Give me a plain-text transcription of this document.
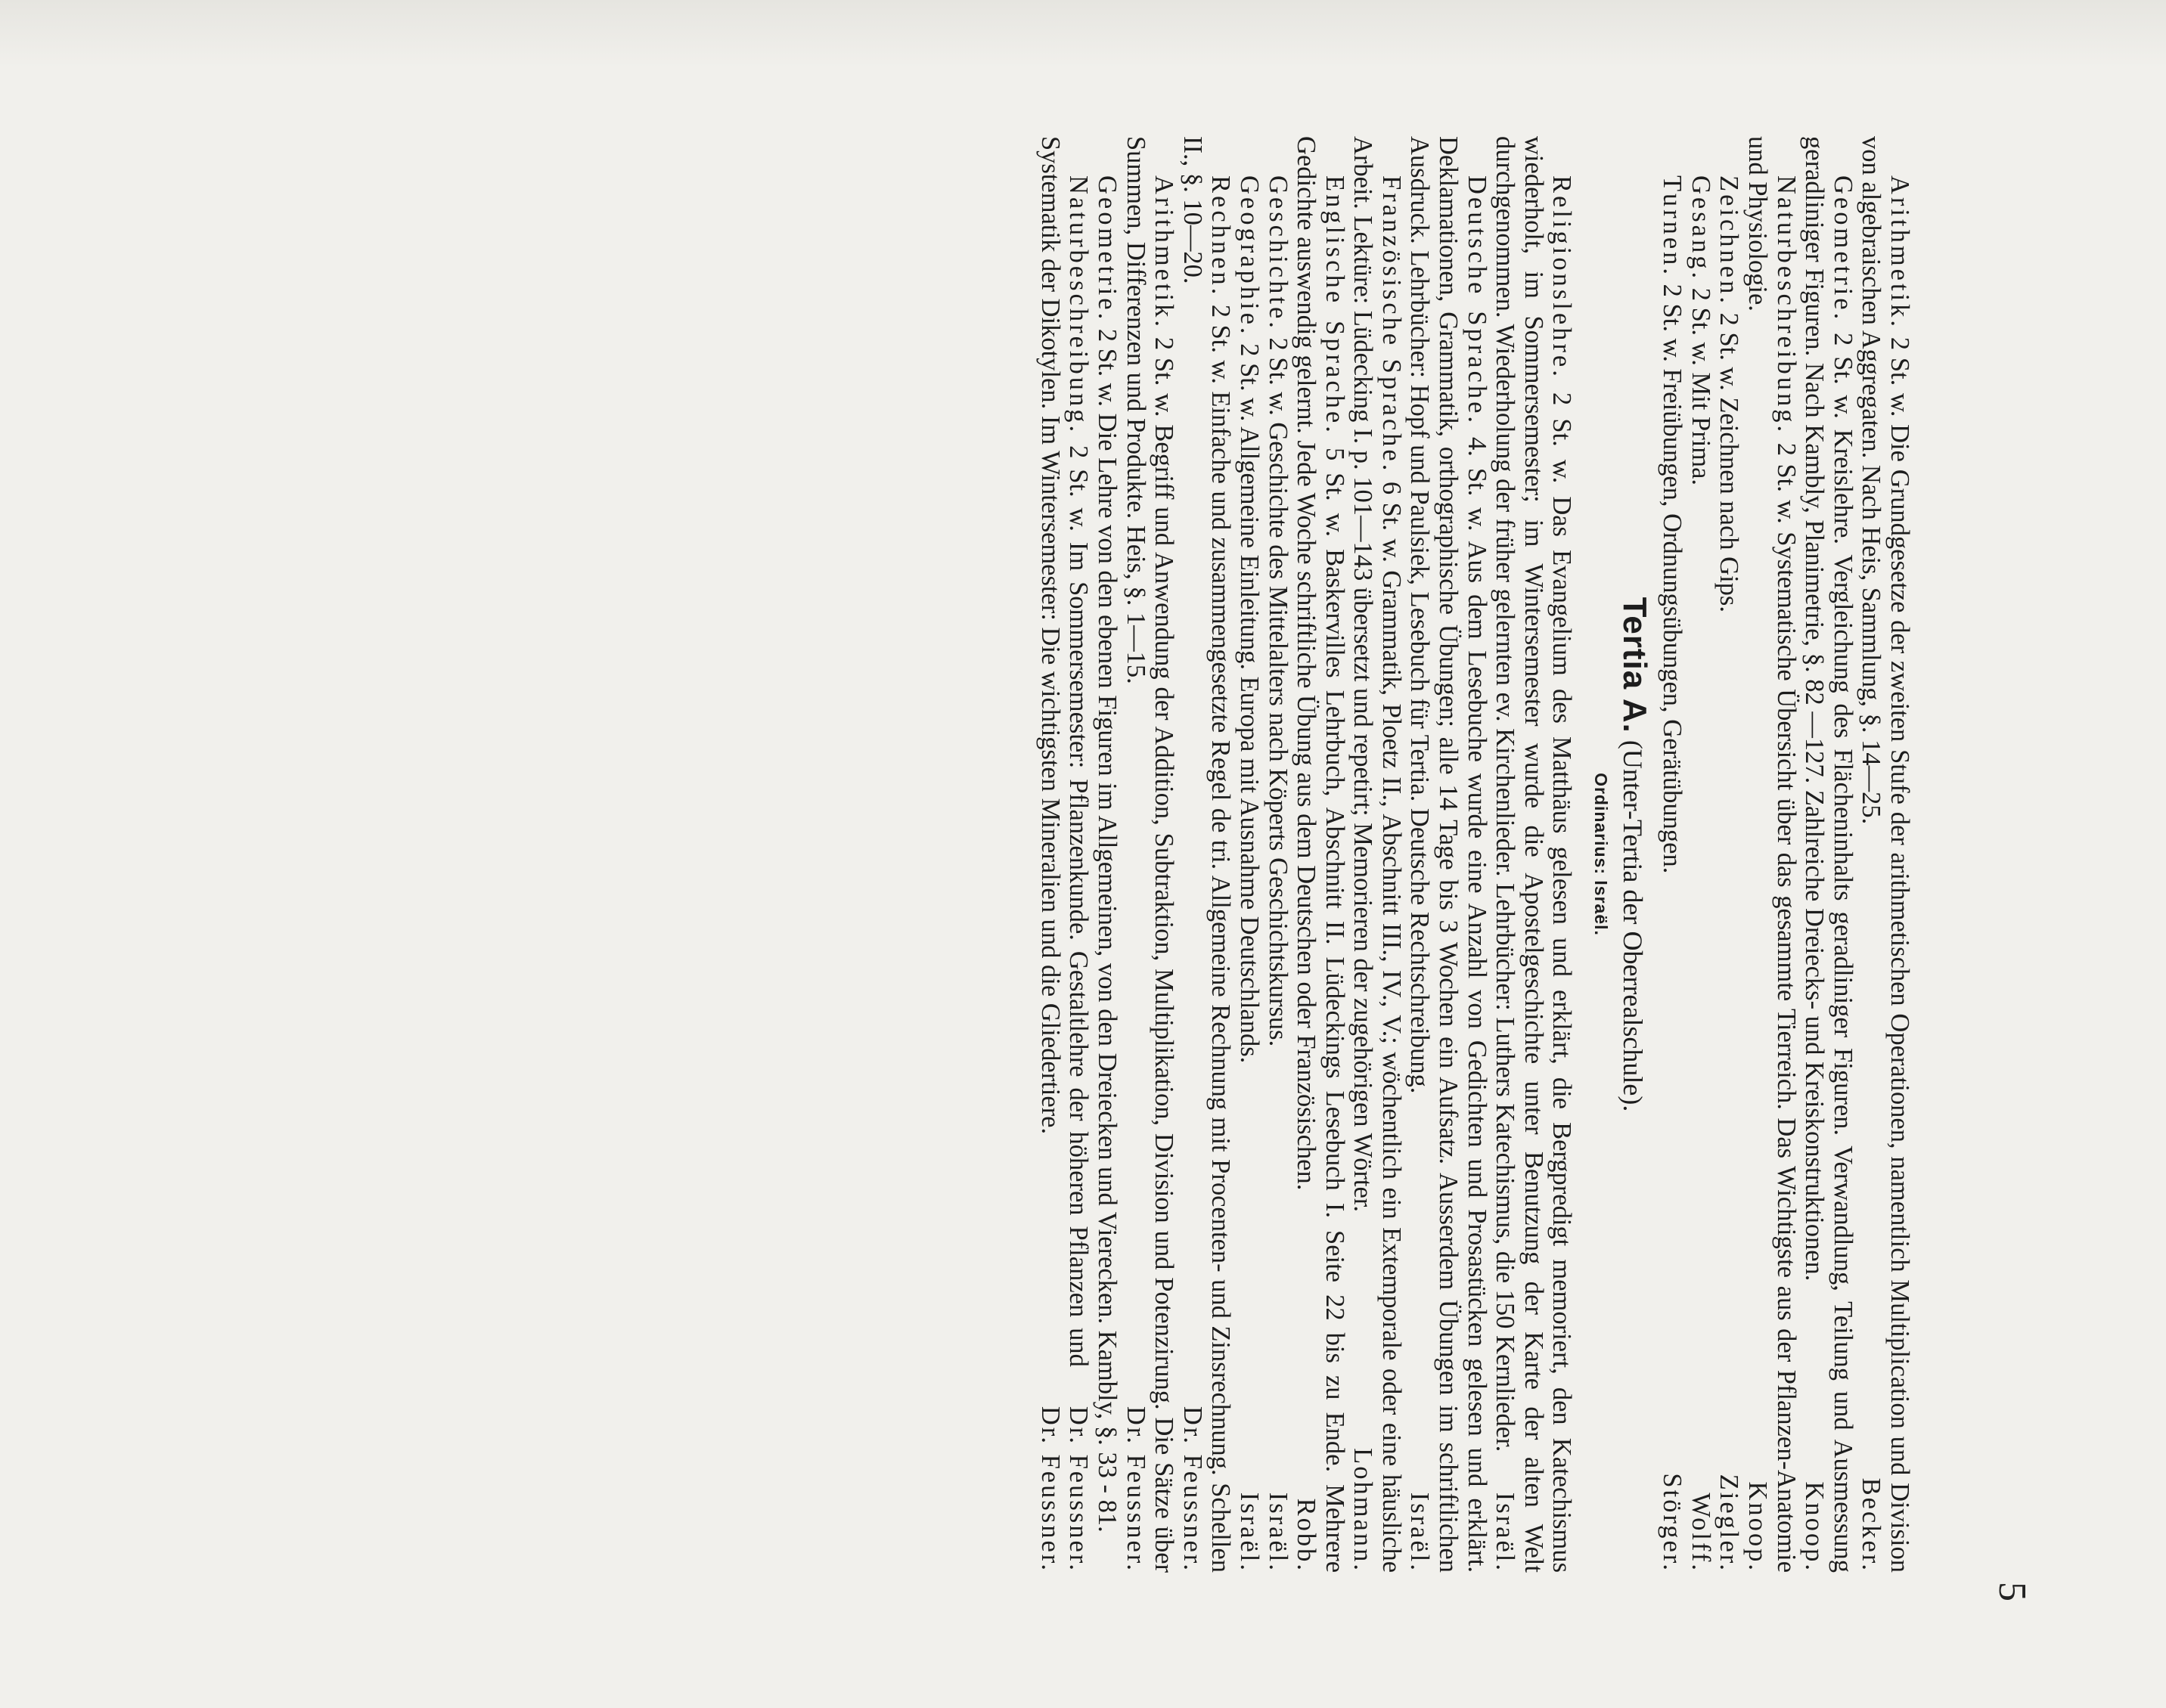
5

Arithmetik. 2 St. w. Die Grundgesetze der zweiten Stufe der arithmetischen Operationen, namentlich Multiplication und Division von algebraischen Aggregaten. Nach Heis, Sammlung, §. 14—25.
Becker.

Geometrie. 2 St. w. Kreislehre. Vergleichung des Flächeninhalts geradliniger Figuren. Verwandlung, Teilung und Ausmessung geradliniger Figuren. Nach Kambly, Planimetrie, §. 82 —127. Zahlreiche Dreiecks- und Kreiskonstruktionen.
Knoop.

Naturbeschreibung. 2 St. w. Systematische Übersicht über das gesammte Tierreich. Das Wichtigste aus der Pflanzen-Anatomie und Physiologie.
Knoop.

Zeichnen. 2 St. w. Zeichnen nach Gips.
Ziegler.

Gesang. 2 St. w. Mit Prima.
Wolff.

Turnen. 2 St. w. Freiübungen, Ordnungsübungen, Gerätübungen.
Störger.

Tertia A. (Unter-Tertia der Oberrealschule).

Ordinarius: Israël.

Religionslehre. 2 St. w. Das Evangelium des Matthäus gelesen und erklärt, die Bergpredigt memoriert, den Katechismus wiederholt, im Sommersemester; im Wintersemester wurde die Apostelgeschichte unter Benutzung der Karte der alten Welt durchgenommen. Wiederholung der früher gelernten ev. Kirchenlieder. Lehrbücher: Luthers Katechismus, die 150 Kernlieder.
Israël.

Deutsche Sprache. 4. St. w. Aus dem Lesebuche wurde eine Anzahl von Gedichten und Prosastücken gelesen und erklärt. Deklamationen, Grammatik, orthographische Übungen; alle 14 Tage bis 3 Wochen ein Aufsatz. Ausserdem Übungen im schriftlichen Ausdruck. Lehrbücher: Hopf und Paulsiek, Lesebuch für Tertia. Deutsche Rechtschreibung.
Israël.

Französische Sprache. 6 St. w. Grammatik, Ploetz II., Abschnitt III., IV., V.; wöchentlich ein Extemporale oder eine häusliche Arbeit. Lektüre: Lüdecking I. p. 101—143 übersetzt und repetirt; Memorieren der zugehörigen Wörter.
Lohmann.

Englische Sprache. 5 St. w. Baskervilles Lehrbuch, Abschnitt II. Lüdeckings Lesebuch I. Seite 22 bis zu Ende. Mehrere Gedichte auswendig gelernt. Jede Woche schriftliche Übung aus dem Deutschen oder Französischen.
Robb.

Geschichte. 2 St. w. Geschichte des Mittelalters nach Köperts Geschichtskursus.
Israël.

Geographie. 2 St. w. Allgemeine Einleitung. Europa mit Ausnahme Deutschlands.
Israël.

Rechnen. 2 St. w. Einfache und zusammengesetzte Regel de tri. Allgemeine Rechnung mit Procenten- und Zinsrechnung. Schellen II., §. 10—20.
Dr. Feussner.

Arithmetik. 2 St. w. Begriff und Anwendung der Addition, Subtraktion, Multiplikation, Division und Potenzirung. Die Sätze über Summen, Differenzen und Produkte. Heis, §. 1—15.
Dr. Feussner.

Geometrie. 2 St. w. Die Lehre von den ebenen Figuren im Allgemeinen, von den Dreiecken und Vierecken. Kambly, §. 33 - 81.
Dr. Feussner.

Naturbeschreibung. 2 St. w. Im Sommersemester: Pflanzenkunde. Gestaltlehre der höheren Pflanzen und Systematik der Dikotylen. Im Wintersemester: Die wichtigsten Mineralien und die Gliedertiere.
Dr. Feussner.
